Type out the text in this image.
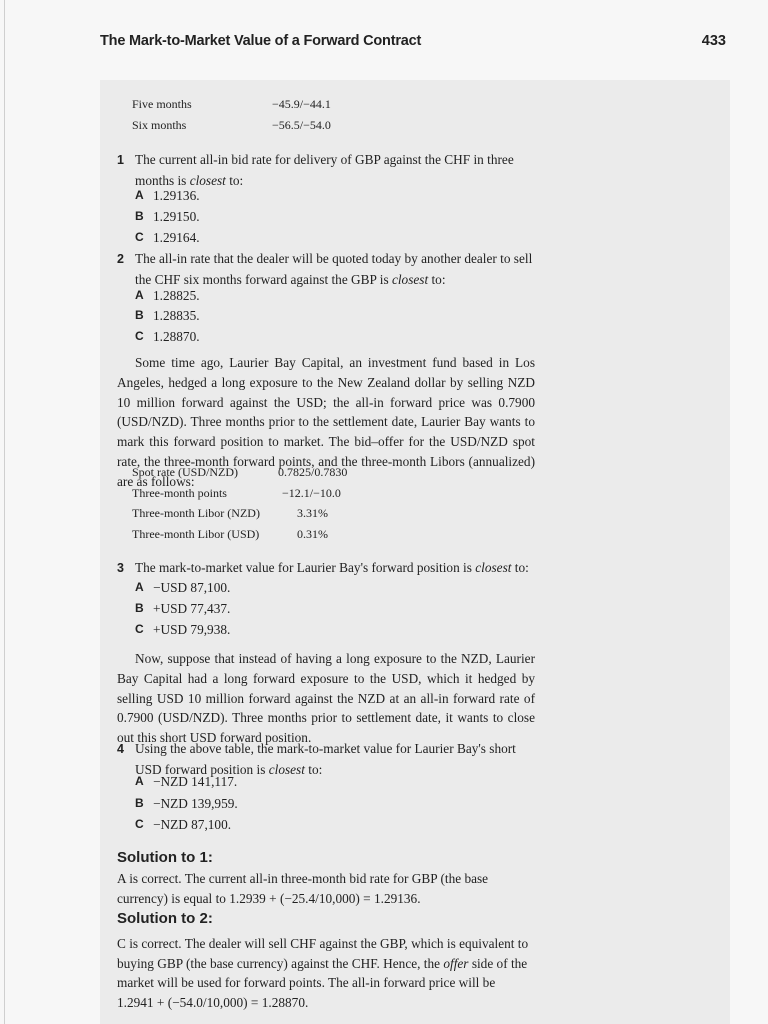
The Mark-to-Market Value of a Forward Contract	433
Five months	−45.9/−44.1
Six months	−56.5/−54.0
1 The current all-in bid rate for delivery of GBP against the CHF in three months is closest to:
A 1.29136.
B 1.29150.
C 1.29164.
2 The all-in rate that the dealer will be quoted today by another dealer to sell the CHF six months forward against the GBP is closest to:
A 1.28825.
B 1.28835.
C 1.28870.
Some time ago, Laurier Bay Capital, an investment fund based in Los Angeles, hedged a long exposure to the New Zealand dollar by selling NZD 10 million forward against the USD; the all-in forward price was 0.7900 (USD/NZD). Three months prior to the settlement date, Laurier Bay wants to mark this forward position to market. The bid–offer for the USD/NZD spot rate, the three-month forward points, and the three-month Libors (annualized) are as follows:
Spot rate (USD/NZD)	0.7825/0.7830
Three-month points	−12.1/−10.0
Three-month Libor (NZD)	3.31%
Three-month Libor (USD)	0.31%
3 The mark-to-market value for Laurier Bay's forward position is closest to:
A −USD 87,100.
B +USD 77,437.
C +USD 79,938.
Now, suppose that instead of having a long exposure to the NZD, Laurier Bay Capital had a long forward exposure to the USD, which it hedged by selling USD 10 million forward against the NZD at an all-in forward rate of 0.7900 (USD/NZD). Three months prior to settlement date, it wants to close out this short USD forward position.
4 Using the above table, the mark-to-market value for Laurier Bay's short USD forward position is closest to:
A −NZD 141,117.
B −NZD 139,959.
C −NZD 87,100.
Solution to 1:
A is correct. The current all-in three-month bid rate for GBP (the base currency) is equal to 1.2939 + (−25.4/10,000) = 1.29136.
Solution to 2:
C is correct. The dealer will sell CHF against the GBP, which is equivalent to buying GBP (the base currency) against the CHF. Hence, the offer side of the market will be used for forward points. The all-in forward price will be 1.2941 + (−54.0/10,000) = 1.28870.
